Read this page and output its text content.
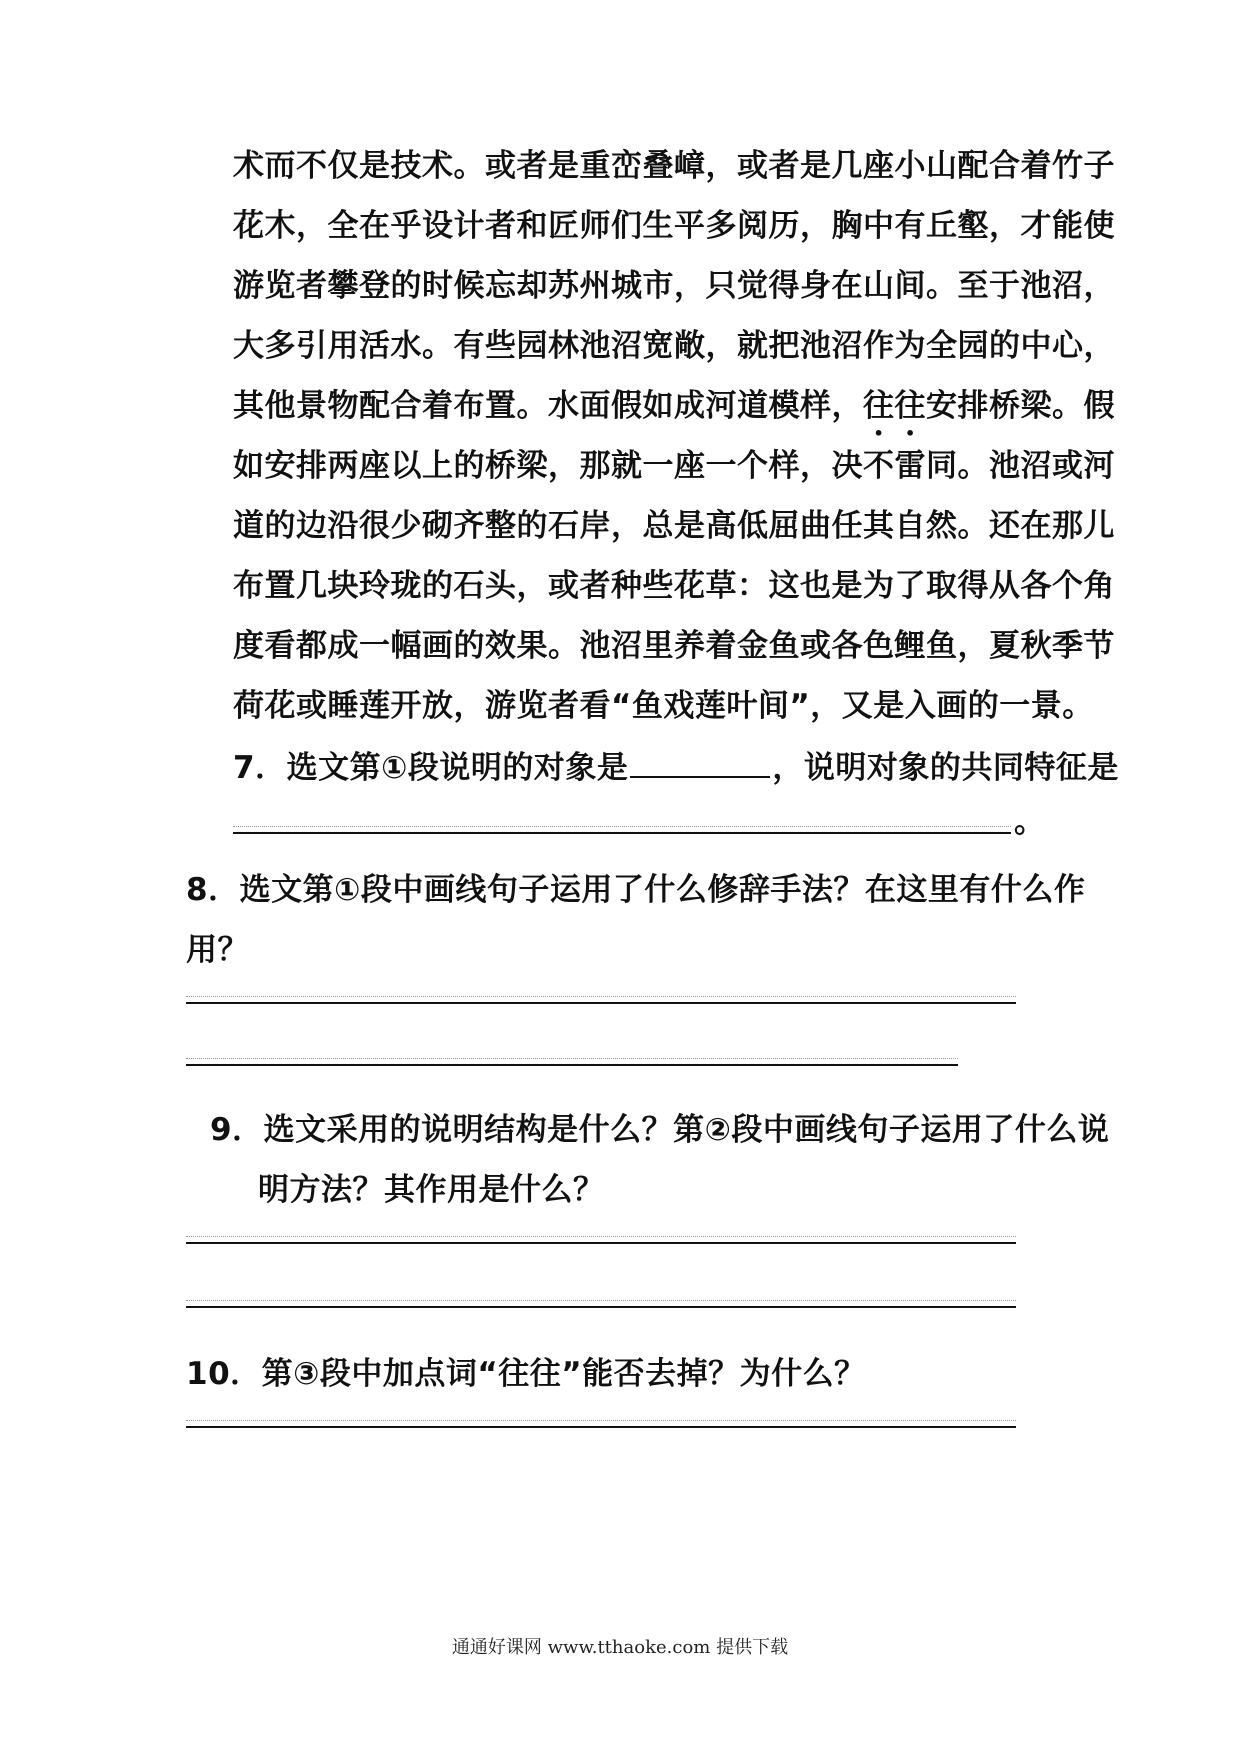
术而不仅是技术。或者是重峦叠嶂，或者是几座小山配合着竹子
花木，全在乎设计者和匠师们生平多阅历，胸中有丘壑，才能使
游览者攀登的时候忘却苏州城市，只觉得身在山间。至于池沼，
大多引用活水。有些园林池沼宽敞，就把池沼作为全园的中心，
其他景物配合着布置。水面假如成河道模样，往往安排桥梁。假
如安排两座以上的桥梁，那就一座一个样，决不雷同。池沼或河
道的边沿很少砌齐整的石岸，总是高低屈曲任其自然。还在那儿
布置几块玲珑的石头，或者种些花草：这也是为了取得从各个角
度看都成一幅画的效果。池沼里养着金鱼或各色鲤鱼，夏秋季节
荷花或睡莲开放，游览者看“鱼戏莲叶间”，又是入画的一景。
7．选文第①段说明的对象是	，说明对象的共同特征是
。
8．选文第①段中画线句子运用了什么修辞手法？在这里有什么作
用？
9．选文采用的说明结构是什么？第②段中画线句子运用了什么说
明方法？其作用是什么？
10．第③段中加点词“往往”能否去掉？为什么？
通通好课网 www.tthaoke.com 提供下载
